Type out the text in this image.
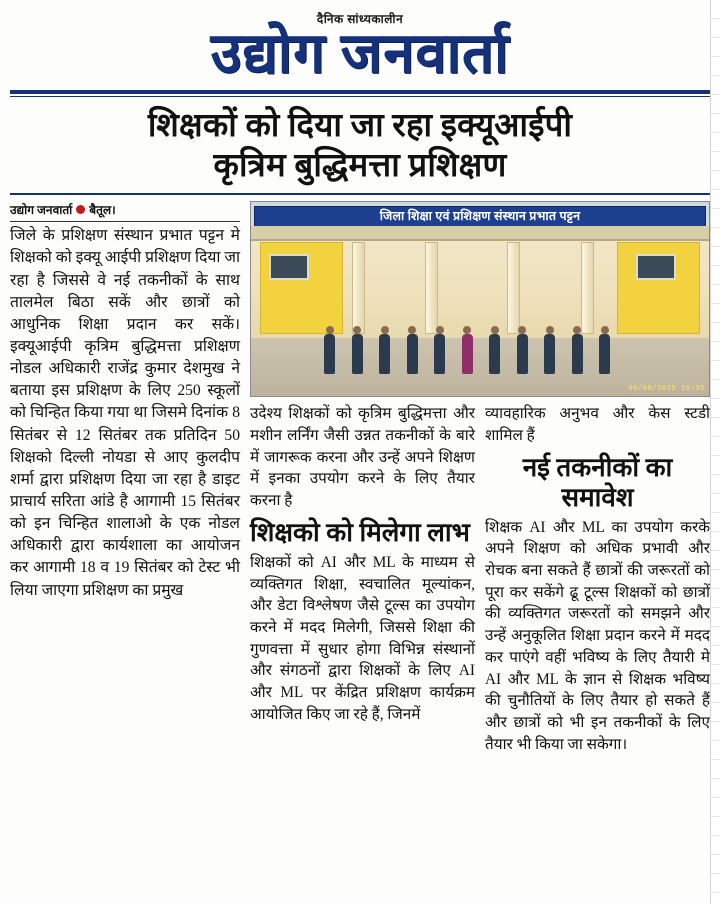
दैनिक सांध्यकालीन
उद्योग जनवार्ता
शिक्षकों को दिया जा रहा इक्यूआईपी
कृत्रिम बुद्धिमत्ता प्रशिक्षण
उद्योग जनवार्ता बैतूल।

जिले के प्रशिक्षण संस्थान प्रभात पट्टन मे शिक्षको को इक्यू आईपी प्रशिक्षण दिया जा रहा है जिससे वे नई तकनीकों के साथ तालमेल बिठा सकें और छात्रों को आधुनिक शिक्षा प्रदान कर सकें। इक्यूआईपी कृत्रिम बुद्धिमत्ता प्रशिक्षण नोडल अधिकारी राजेंद्र कुमार देशमुख ने बताया इस प्रशिक्षण के लिए 250 स्कूलों को चिन्हित किया गया था जिसमे दिनांक 8 सितंबर से 12 सितंबर तक प्रतिदिन 50 शिक्षको दिल्ली नोयडा से आए कुलदीप शर्मा द्वारा प्रशिक्षण दिया जा रहा है डाइट प्राचार्य सरिता आंडे है आगामी 15 सितंबर को इन चिन्हित शालाओ के एक नोडल अधिकारी द्वारा कार्यशाला का आयोजन कर आगामी 18 व 19 सितंबर को टेस्ट भी लिया जाएगा प्रशिक्षण का प्रमुख

जिला शिक्षा एवं प्रशिक्षण संस्थान प्रभात पट्टन
09/09/2025 16:35

उदेश्य शिक्षकों को कृत्रिम बुद्धिमत्ता और मशीन लर्निंग जैसी उन्नत तकनीकों के बारे में जागरूक करना और उन्हें अपने शिक्षण में इनका उपयोग करने के लिए तैयार करना है

शिक्षको को मिलेगा लाभ

शिक्षकों को AI और ML के माध्यम से व्यक्तिगत शिक्षा, स्वचालित मूल्यांकन, और डेटा विश्लेषण जैसे टूल्स का उपयोग करने में मदद मिलेगी, जिससे शिक्षा की गुणवत्ता में सुधार होगा विभिन्न संस्थानों और संगठनों द्वारा शिक्षकों के लिए AI और ML पर केंद्रित प्रशिक्षण कार्यक्रम आयोजित किए जा रहे हैं, जिनमें

व्यावहारिक अनुभव और केस स्टडी शामिल हैं

नई तकनीकों का समावेश

शिक्षक AI और ML का उपयोग करके अपने शिक्षण को अधिक प्रभावी और रोचक बना सकते हैं छात्रों की जरूरतों को पूरा कर सकेंगे ढू टूल्स शिक्षकों को छात्रों की व्यक्तिगत जरूरतों को समझने और उन्हें अनुकूलित शिक्षा प्रदान करने में मदद कर पाएंगे वहीं भविष्य के लिए तैयारी मे AI और ML के ज्ञान से शिक्षक भविष्य की चुनौतियों के लिए तैयार हो सकते हैं और छात्रों को भी इन तकनीकों के लिए तैयार भी किया जा सकेगा।
